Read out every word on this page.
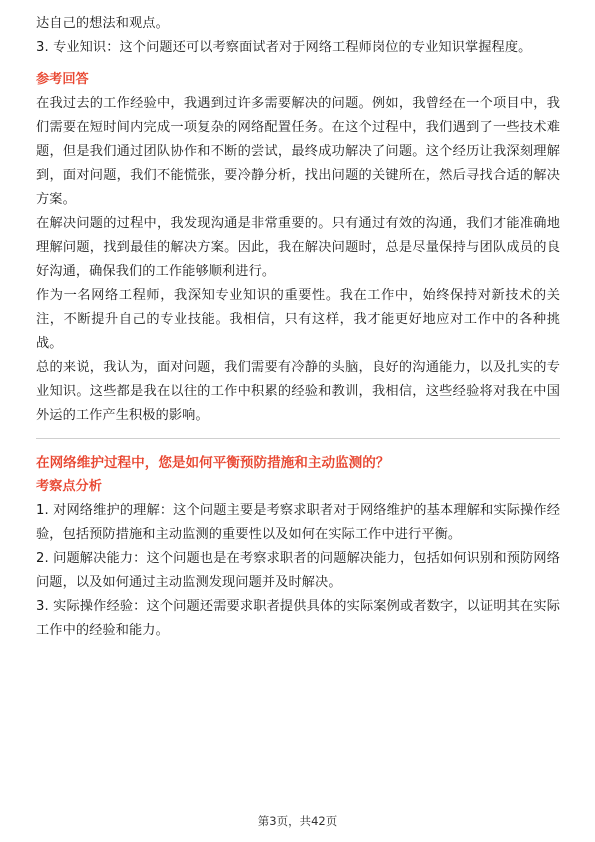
达自己的想法和观点。

3. 专业知识：这个问题还可以考察面试者对于网络工程师岗位的专业知识掌握程度。

参考回答

在我过去的工作经验中，我遇到过许多需要解决的问题。例如，我曾经在一个项目中，我们需要在短时间内完成一项复杂的网络配置任务。在这个过程中，我们遇到了一些技术难题，但是我们通过团队协作和不断的尝试，最终成功解决了问题。这个经历让我深刻理解到，面对问题，我们不能慌张，要冷静分析，找出问题的关键所在，然后寻找合适的解决方案。

在解决问题的过程中，我发现沟通是非常重要的。只有通过有效的沟通，我们才能准确地理解问题，找到最佳的解决方案。因此，我在解决问题时，总是尽量保持与团队成员的良好沟通，确保我们的工作能够顺利进行。

作为一名网络工程师，我深知专业知识的重要性。我在工作中，始终保持对新技术的关注，不断提升自己的专业技能。我相信，只有这样，我才能更好地应对工作中的各种挑战。

总的来说，我认为，面对问题，我们需要有冷静的头脑，良好的沟通能力，以及扎实的专业知识。这些都是我在以往的工作中积累的经验和教训，我相信，这些经验将对我在中国外运的工作产生积极的影响。

在网络维护过程中，您是如何平衡预防措施和主动监测的？
考察点分析

1. 对网络维护的理解：这个问题主要是考察求职者对于网络维护的基本理解和实际操作经验，包括预防措施和主动监测的重要性以及如何在实际工作中进行平衡。

2. 问题解决能力：这个问题也是在考察求职者的问题解决能力，包括如何识别和预防网络问题，以及如何通过主动监测发现问题并及时解决。

3. 实际操作经验：这个问题还需要求职者提供具体的实际案例或者数字，以证明其在实际工作中的经验和能力。

第3页，共42页
